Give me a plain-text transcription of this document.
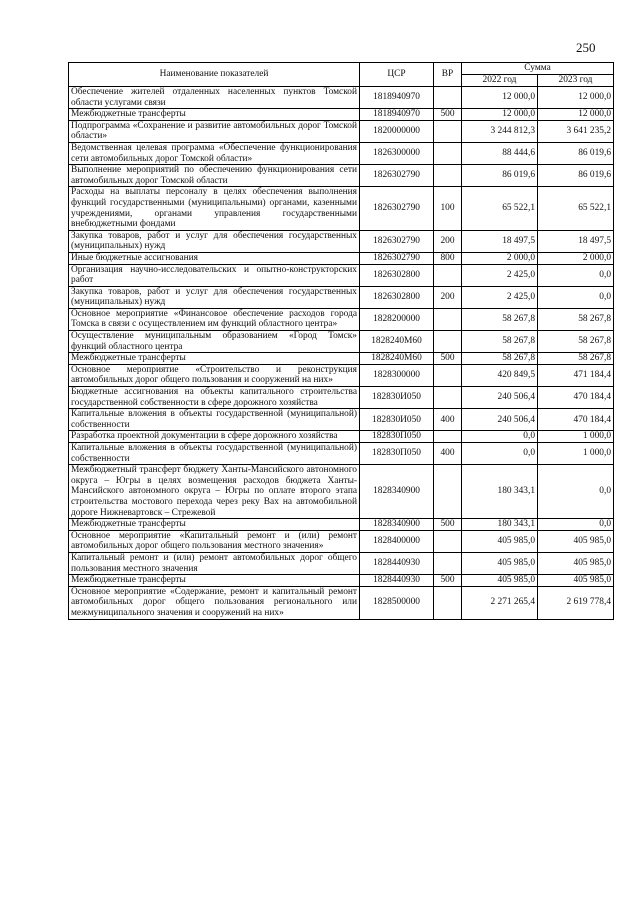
250
Наименование показателей	ЦСР	ВР	Сумма	
			2022 год	2023 год
Обеспечение жителей отдаленных населенных пунктов Томской области услугами связи	1818940970		12 000,0	12 000,0
Межбюджетные трансферты	1818940970	500	12 000,0	12 000,0
Подпрограмма «Сохранение и развитие автомобильных дорог Томской области»	1820000000		3 244 812,3	3 641 235,2
Ведомственная целевая программа «Обеспечение функционирования сети автомобильных дорог Томской области»	1826300000		88 444,6	86 019,6
Выполнение мероприятий по обеспечению функционирования сети автомобильных дорог Томской области	1826302790		86 019,6	86 019,6
Расходы на выплаты персоналу в целях обеспечения выполнения функций государственными (муниципальными) органами, казенными учреждениями, органами управления государственными внебюджетными фондами	1826302790	100	65 522,1	65 522,1
Закупка товаров, работ и услуг для обеспечения государственных (муниципальных) нужд	1826302790	200	18 497,5	18 497,5
Иные бюджетные ассигнования	1826302790	800	2 000,0	2 000,0
Организация научно-исследовательских и опытно-конструкторских работ	1826302800		2 425,0	0,0
Закупка товаров, работ и услуг для обеспечения государственных (муниципальных) нужд	1826302800	200	2 425,0	0,0
Основное мероприятие «Финансовое обеспечение расходов города Томска в связи с осуществлением им функций областного центра»	1828200000		58 267,8	58 267,8
Осуществление муниципальным образованием «Город Томск» функций областного центра	1828240М60		58 267,8	58 267,8
Межбюджетные трансферты	1828240М60	500	58 267,8	58 267,8
Основное мероприятие «Строительство и реконструкция автомобильных дорог общего пользования и сооружений на них»	1828300000		420 849,5	471 184,4
Бюджетные ассигнования на объекты капитального строительства государственной собственности в сфере дорожного хозяйства	182830И050		240 506,4	470 184,4
Капитальные вложения в объекты государственной (муниципальной) собственности	182830И050	400	240 506,4	470 184,4
Разработка проектной документации в сфере дорожного хозяйства	182830П050		0,0	1 000,0
Капитальные вложения в объекты государственной (муниципальной) собственности	182830П050	400	0,0	1 000,0
Межбюджетный трансферт бюджету Ханты-Мансийского автономного округа – Югры в целях возмещения расходов бюджета Ханты-Мансийского автономного округа – Югры по оплате второго этапа строительства мостового перехода через реку Вах на автомобильной дороге Нижневартовск – Стрежевой	1828340900		180 343,1	0,0
Межбюджетные трансферты	1828340900	500	180 343,1	0,0
Основное мероприятие «Капитальный ремонт и (или) ремонт автомобильных дорог общего пользования местного значения»	1828400000		405 985,0	405 985,0
Капитальный ремонт и (или) ремонт автомобильных дорог общего пользования местного значения	1828440930		405 985,0	405 985,0
Межбюджетные трансферты	1828440930	500	405 985,0	405 985,0
Основное мероприятие «Содержание, ремонт и капитальный ремонт автомобильных дорог общего пользования регионального или межмуниципального значения и сооружений на них»	1828500000		2 271 265,4	2 619 778,4
